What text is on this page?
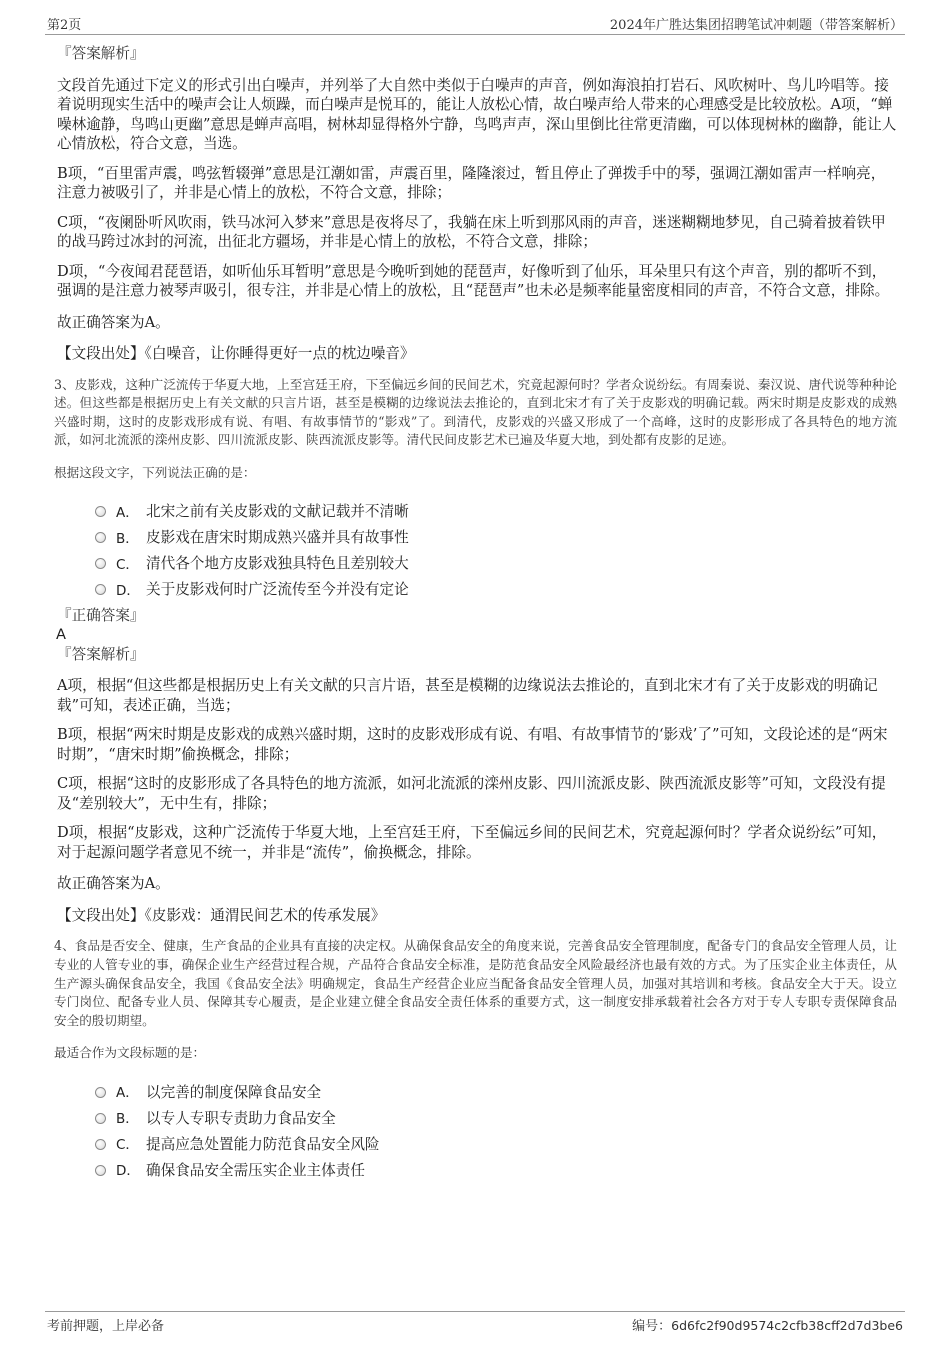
第2页	2024年广胜达集团招聘笔试冲刺题（带答案解析）
『答案解析』
文段首先通过下定义的形式引出白噪声，并列举了大自然中类似于白噪声的声音，例如海浪拍打岩石、风吹树叶、鸟儿吟唱等。接着说明现实生活中的噪声会让人烦躁，而白噪声是悦耳的，能让人放松心情，故白噪声给人带来的心理感受是比较放松。A项，“蝉噪林逾静，鸟鸣山更幽”意思是蝉声高唱，树林却显得格外宁静，鸟鸣声声，深山里倒比往常更清幽，可以体现树林的幽静，能让人心情放松，符合文意，当选。
B项，“百里雷声震，鸣弦暂辍弹”意思是江潮如雷，声震百里，隆隆滚过，暂且停止了弹拨手中的琴，强调江潮如雷声一样响亮，注意力被吸引了，并非是心情上的放松，不符合文意，排除；
C项，“夜阑卧听风吹雨，铁马冰河入梦来”意思是夜将尽了，我躺在床上听到那风雨的声音，迷迷糊糊地梦见，自己骑着披着铁甲的战马跨过冰封的河流，出征北方疆场，并非是心情上的放松，不符合文意，排除；
D项，“今夜闻君琵琶语，如听仙乐耳暂明”意思是今晚听到她的琵琶声，好像听到了仙乐，耳朵里只有这个声音，别的都听不到，强调的是注意力被琴声吸引，很专注，并非是心情上的放松，且“琵琶声”也未必是频率能量密度相同的声音，不符合文意，排除。
故正确答案为A。
【文段出处】《白噪音，让你睡得更好一点的枕边噪音》
3、皮影戏，这种广泛流传于华夏大地，上至宫廷王府，下至偏远乡间的民间艺术，究竟起源何时？学者众说纷纭。有周秦说、秦汉说、唐代说等种种论述。但这些都是根据历史上有关文献的只言片语，甚至是模糊的边缘说法去推论的，直到北宋才有了关于皮影戏的明确记载。两宋时期是皮影戏的成熟兴盛时期，这时的皮影戏形成有说、有唱、有故事情节的“影戏”了。到清代，皮影戏的兴盛又形成了一个高峰，这时的皮影形成了各具特色的地方流派，如河北流派的滦州皮影、四川流派皮影、陕西流派皮影等。清代民间皮影艺术已遍及华夏大地，到处都有皮影的足迹。
根据这段文字，下列说法正确的是：
A． 北宋之前有关皮影戏的文献记载并不清晰
B． 皮影戏在唐宋时期成熟兴盛并具有故事性
C． 清代各个地方皮影戏独具特色且差别较大
D． 关于皮影戏何时广泛流传至今并没有定论
『正确答案』
A
『答案解析』
A项，根据“但这些都是根据历史上有关文献的只言片语，甚至是模糊的边缘说法去推论的，直到北宋才有了关于皮影戏的明确记载”可知，表述正确，当选；
B项，根据“两宋时期是皮影戏的成熟兴盛时期，这时的皮影戏形成有说、有唱、有故事情节的‘影戏’了”可知，文段论述的是“两宋时期”，“唐宋时期”偷换概念，排除；
C项，根据“这时的皮影形成了各具特色的地方流派，如河北流派的滦州皮影、四川流派皮影、陕西流派皮影等”可知，文段没有提及“差别较大”，无中生有，排除；
D项，根据“皮影戏，这种广泛流传于华夏大地，上至宫廷王府，下至偏远乡间的民间艺术，究竟起源何时？学者众说纷纭”可知，对于起源问题学者意见不统一，并非是“流传”，偷换概念，排除。
故正确答案为A。
【文段出处】《皮影戏：通渭民间艺术的传承发展》
4、食品是否安全、健康，生产食品的企业具有直接的决定权。从确保食品安全的角度来说，完善食品安全管理制度，配备专门的食品安全管理人员，让专业的人管专业的事，确保企业生产经营过程合规，产品符合食品安全标准，是防范食品安全风险最经济也最有效的方式。为了压实企业主体责任，从生产源头确保食品安全，我国《食品安全法》明确规定，食品生产经营企业应当配备食品安全管理人员，加强对其培训和考核。食品安全大于天。设立专门岗位、配备专业人员、保障其专心履责，是企业建立健全食品安全责任体系的重要方式，这一制度安排承载着社会各方对于专人专职专责保障食品安全的殷切期望。
最适合作为文段标题的是：
A． 以完善的制度保障食品安全
B． 以专人专职专责助力食品安全
C． 提高应急处置能力防范食品安全风险
D． 确保食品安全需压实企业主体责任
考前押题，上岸必备	编号：6d6fc2f90d9574c2cfb38cff2d7d3be6
